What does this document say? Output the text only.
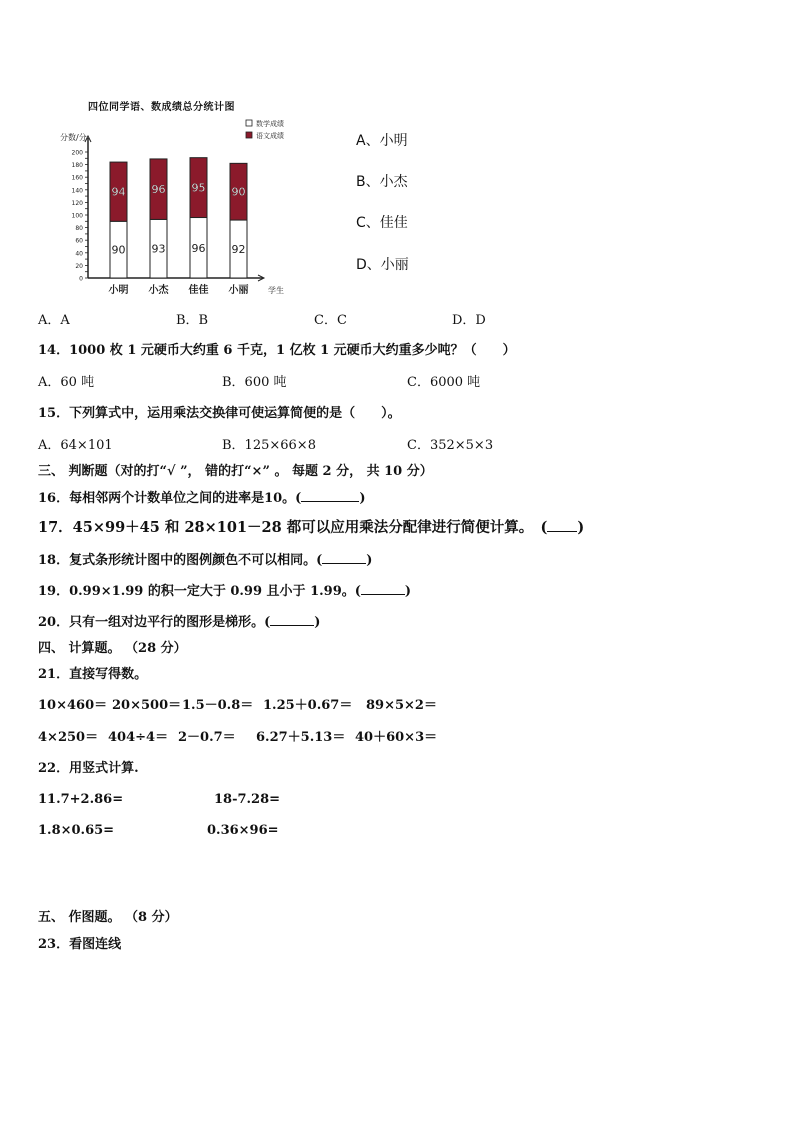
四位同学语、数成绩总分统计图
分数/分
0
20
40
60
80
100
120
140
160
180
200
90
94
小明
93
96
小杰
96
95
佳佳
92
90
小丽 学生
数学成绩
语文成绩	A、小明
B、小杰
C、佳佳
D、小丽
A．A	B．B	C．C	D．D
14．1000 枚 1 元硬币大约重 6 千克，1 亿枚 1 元硬币大约重多少吨？（　　）
A．60 吨	B．600 吨	C．6000 吨
15．下列算式中，运用乘法交换律可使运算简便的是（　　）。
A．64×101	B．125×66×8	C．352×5×3
三、 判断题（对的打“√ ”， 错的打“×” 。 每题 2 分， 共 10 分）
16．每相邻两个计数单位之间的进率是10。(	)
17．45×99＋45 和 28×101－28 都可以应用乘法分配律进行简便计算。　( )
18．复式条形统计图中的图例颜色不可以相同。(	)
19．0.99×1.99 的积一定大于 0.99 且小于 1.99。(	)
20．只有一组对边平行的图形是梯形。(	)
四、 计算题。 （28 分）
21．直接写得数。
10×460＝ 20×500＝ 1.5－0.8＝ 1.25＋0.67＝ 89×5×2＝
4×250＝ 404÷4＝ 2－0.7＝ 6.27＋5.13＝ 40＋60×3＝
22．用竖式计算.
11.7+2.86=	18-7.28=
1.8×0.65=	0.36×96=
五、 作图题。 （8 分）
23．看图连线
